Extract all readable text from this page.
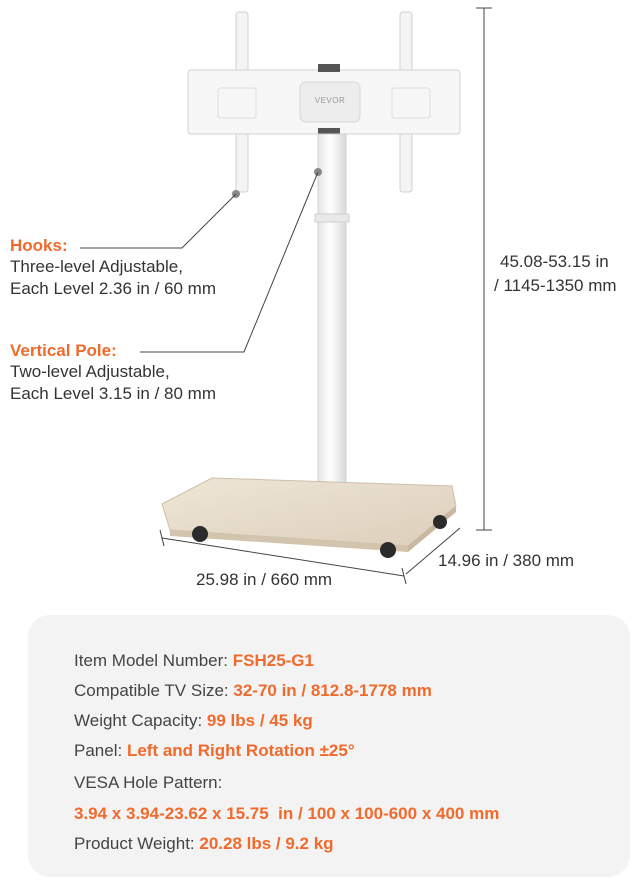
VEVOR
Hooks:
Three-level Adjustable,
Each Level 2.36 in / 60 mm
Vertical Pole:
Two-level Adjustable,
Each Level 3.15 in / 80 mm
45.08-53.15 in
/ 1145-1350 mm
25.98 in / 660 mm
14.96 in / 380 mm
Item Model Number: FSH25-G1
Compatible TV Size: 32-70 in / 812.8-1778 mm
Weight Capacity: 99 lbs / 45 kg
Panel: Left and Right Rotation ±25°
VESA Hole Pattern:
3.94 x 3.94-23.62 x 15.75  in / 100 x 100-600 x 400 mm
Product Weight: 20.28 lbs / 9.2 kg
